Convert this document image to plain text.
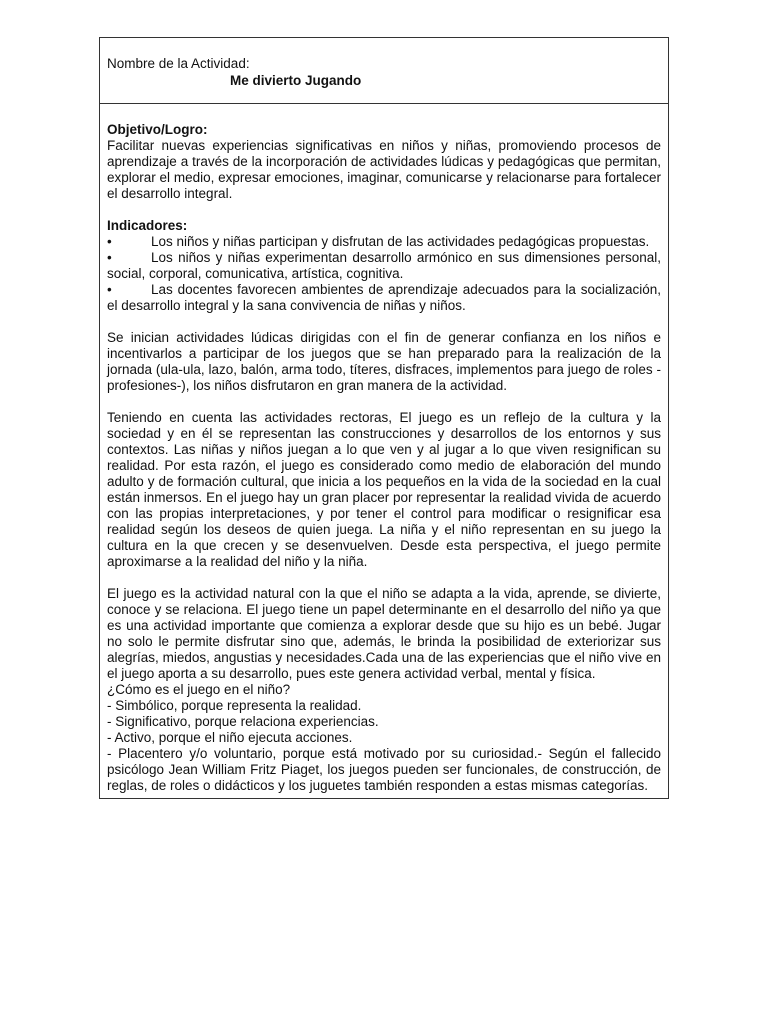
Nombre de la Actividad:
Me divierto Jugando
Objetivo/Logro:

Facilitar nuevas experiencias significativas en niños y niñas, promoviendo procesos de aprendizaje a través de la incorporación de actividades lúdicas y pedagógicas que permitan, explorar el medio, expresar emociones, imaginar, comunicarse y relacionarse para fortalecer el desarrollo integral.

Indicadores:

•	Los niños y niñas participan y disfrutan de las actividades pedagógicas propuestas.

•	Los niños y niñas experimentan desarrollo armónico en sus dimensiones personal, social, corporal, comunicativa, artística, cognitiva.

•	Las docentes favorecen ambientes de aprendizaje adecuados para la socialización, el desarrollo integral y la sana convivencia de niñas y niños.

Se inician actividades lúdicas dirigidas con el fin de generar confianza en los niños e incentivarlos a participar de los juegos que se han preparado para la realización de la jornada (ula-ula, lazo, balón, arma todo, títeres, disfraces, implementos para juego de roles -profesiones-), los niños disfrutaron en gran manera de la actividad.

Teniendo en cuenta las actividades rectoras, El juego es un reflejo de la cultura y la sociedad y en él se representan las construcciones y desarrollos de los entornos y sus contextos. Las niñas y niños juegan a lo que ven y al jugar a lo que viven resignifican su realidad. Por esta razón, el juego es considerado como medio de elaboración del mundo adulto y de formación cultural, que inicia a los pequeños en la vida de la sociedad en la cual están inmersos. En el juego hay un gran placer por representar la realidad vivida de acuerdo con las propias interpretaciones, y por tener el control para modificar o resignificar esa realidad según los deseos de quien juega. La niña y el niño representan en su juego la cultura en la que crecen y se desenvuelven. Desde esta perspectiva, el juego permite aproximarse a la realidad del niño y la niña.

El juego es la actividad natural con la que el niño se adapta a la vida, aprende, se divierte, conoce y se relaciona. El juego tiene un papel determinante en el desarrollo del niño ya que es una actividad importante que comienza a explorar desde que su hijo es un bebé. Jugar no solo le permite disfrutar sino que, además, le brinda la posibilidad de exteriorizar sus alegrías, miedos, angustias y necesidades.Cada una de las experiencias que el niño vive en el juego aporta a su desarrollo, pues este genera actividad verbal, mental y física.

¿Cómo es el juego en el niño?
- Simbólico, porque representa la realidad.
- Significativo, porque relaciona experiencias.
- Activo, porque el niño ejecuta acciones.

- Placentero y/o voluntario, porque está motivado por su curiosidad.- Según el fallecido psicólogo Jean William Fritz Piaget, los juegos pueden ser funcionales, de construcción, de reglas, de roles o didácticos y los juguetes también responden a estas mismas categorías.
